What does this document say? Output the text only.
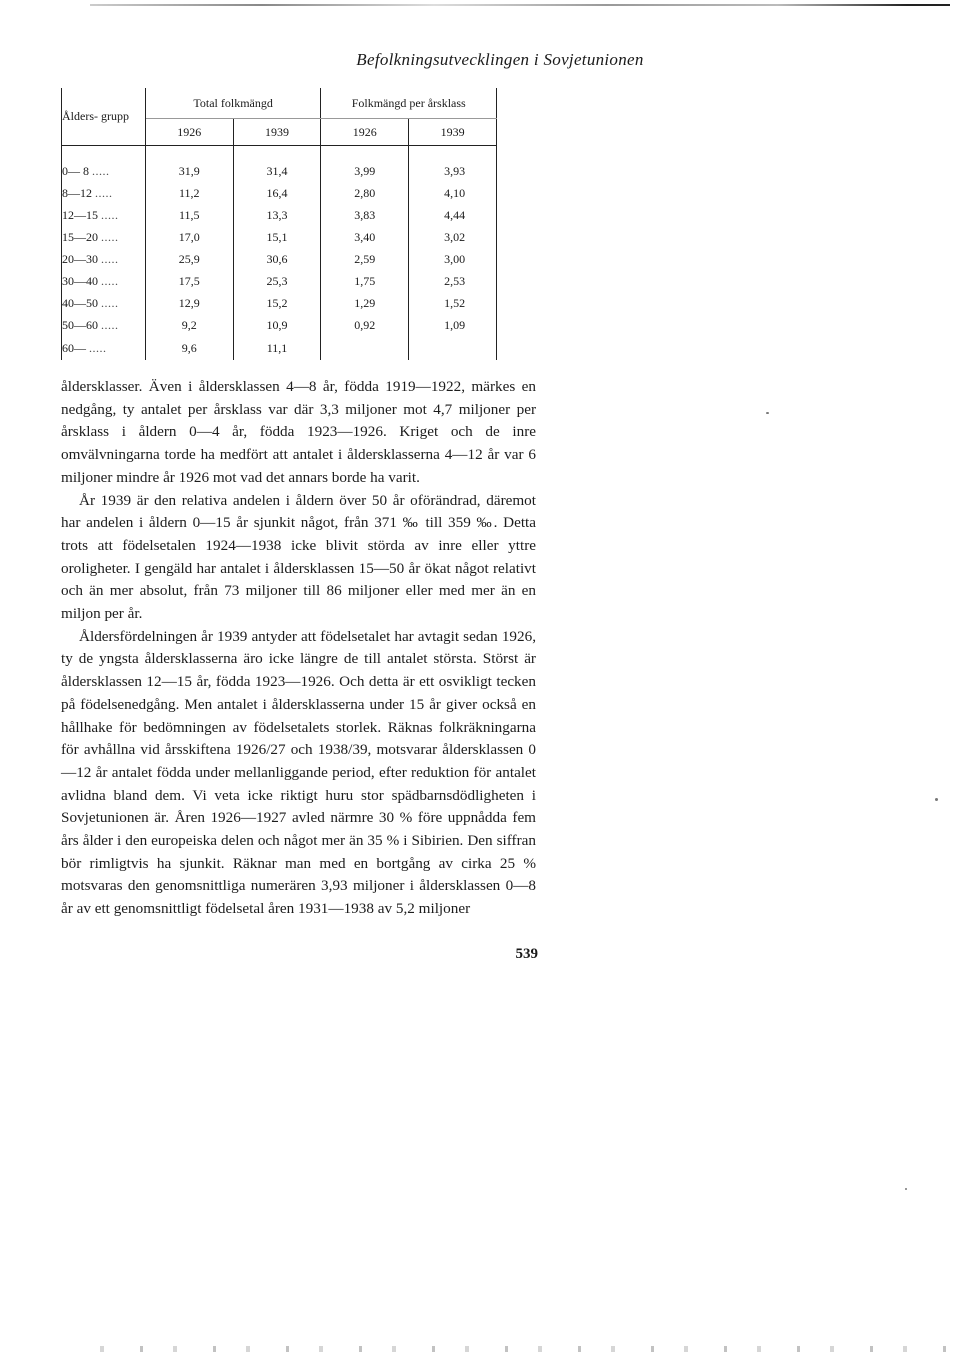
Befolkningsutvecklingen i Sovjetunionen
Ålders- grupp	Total folkmängd		Folkmängd per årsklass	
	1926	1939	1926	1939

0— 8 .....	31,9	31,4	3,99	3,93
8—12 .....	11,2	16,4	2,80	4,10
12—15 .....	11,5	13,3	3,83	4,44
15—20 .....	17,0	15,1	3,40	3,02
20—30 .....	25,9	30,6	2,59	3,00
30—40 .....	17,5	25,3	1,75	2,53
40—50 .....	12,9	15,2	1,29	1,52
50—60 .....	9,2	10,9	0,92	1,09
60— .....	9,6	11,1		

åldersklasser. Även i åldersklassen 4—8 år, födda 1919—1922, märkes en nedgång, ty antalet per årsklass var där 3,3 miljoner mot 4,7 miljoner per årsklass i åldern 0—4 år, födda 1923—1926. Kriget och de inre omvälvningarna torde ha medfört att antalet i åldersklasserna 4—12 år var 6 miljoner mindre år 1926 mot vad det annars borde ha varit.

År 1939 är den relativa andelen i åldern över 50 år oförändrad, däremot har andelen i åldern 0—15 år sjunkit något, från 371 ‰ till 359 ‰. Detta trots att födelsetalen 1924—1938 icke blivit störda av inre eller yttre oroligheter. I gengäld har antalet i åldersklassen 15—50 år ökat något relativt och än mer absolut, från 73 miljoner till 86 miljoner eller med mer än en miljon per år.

Åldersfördelningen år 1939 antyder att födelsetalet har avtagit sedan 1926, ty de yngsta åldersklasserna äro icke längre de till antalet största. Störst är åldersklassen 12—15 år, födda 1923—1926. Och detta är ett osvikligt tecken på födelsenedgång. Men antalet i åldersklasserna under 15 år giver också en hållhake för bedömningen av födelsetalets storlek. Räknas folkräkningarna för avhållna vid årsskiftena 1926/27 och 1938/39, motsvarar åldersklassen 0—12 år antalet födda under mellanliggande period, efter reduktion för antalet avlidna bland dem. Vi veta icke riktigt huru stor spädbarnsdödligheten i Sovjetunionen är. Åren 1926—1927 avled närmre 30 % före uppnådda fem års ålder i den europeiska delen och något mer än 35 % i Sibirien. Den siffran bör rimligtvis ha sjunkit. Räknar man med en bortgång av cirka 25 % motsvaras den genomsnittliga numerären 3,93 miljoner i åldersklassen 0—8 år av ett genomsnittligt födelsetal åren 1931—1938 av 5,2 miljoner

539
